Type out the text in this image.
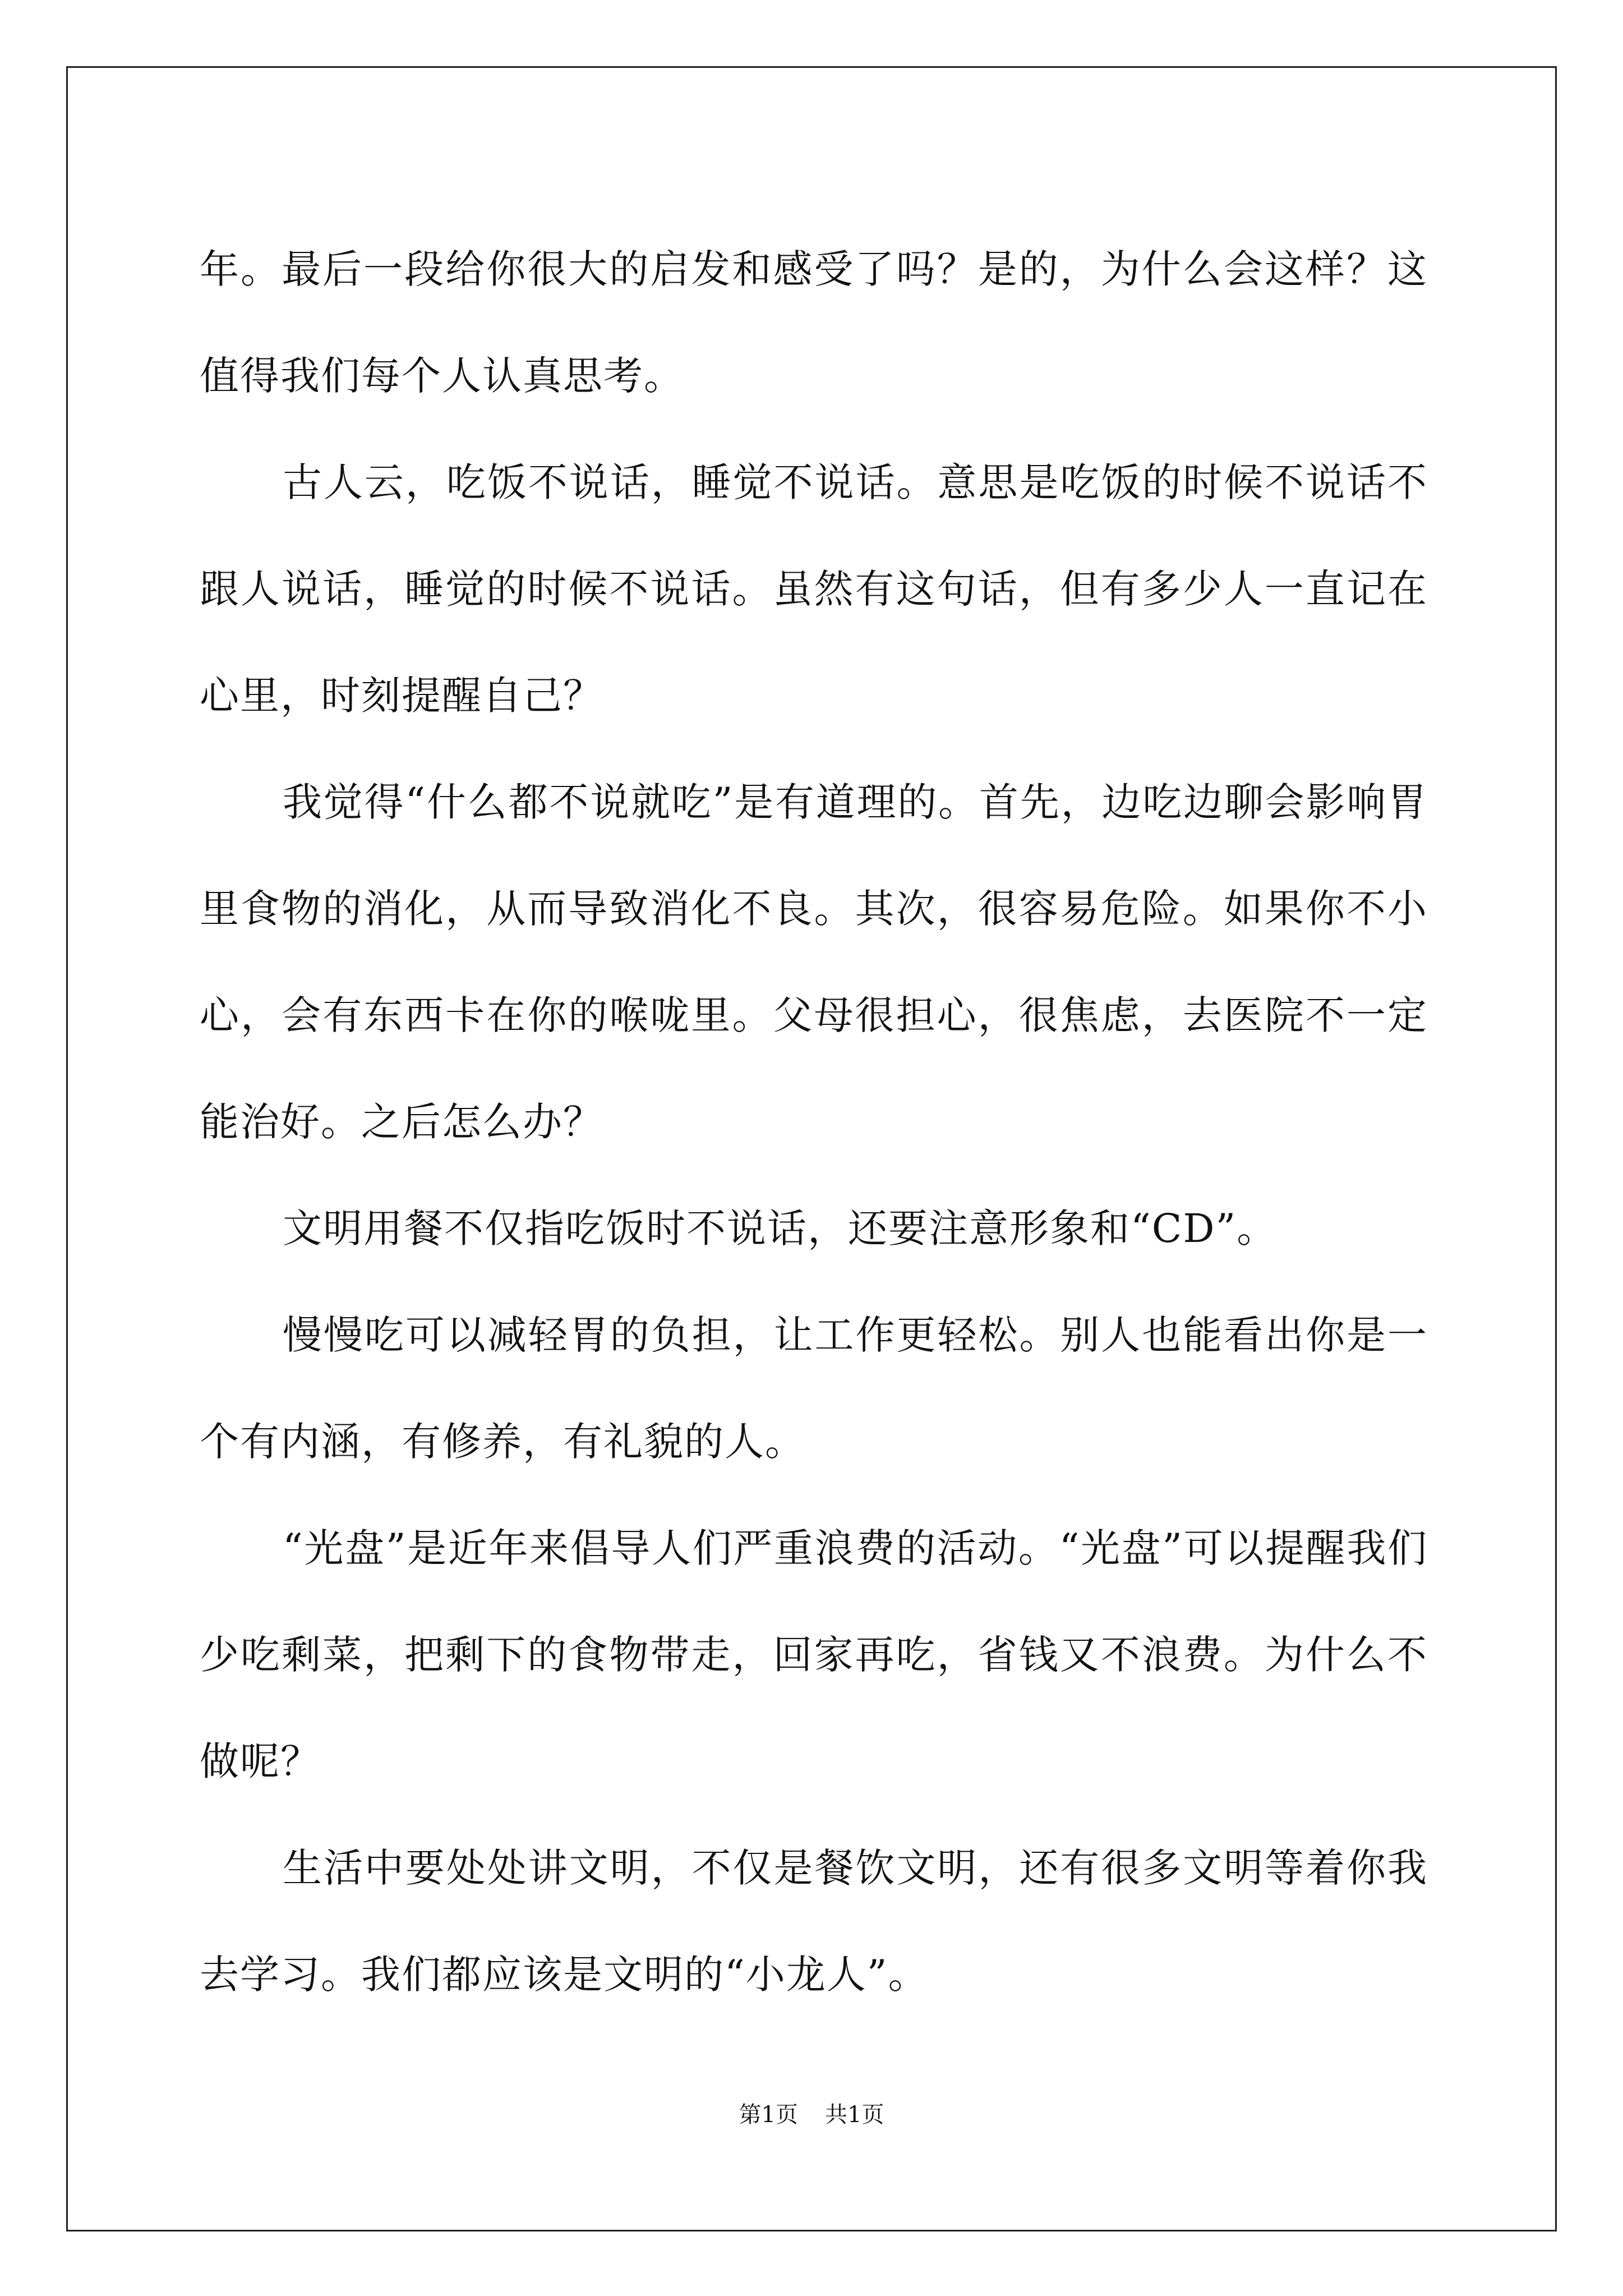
年。最后一段给你很大的启发和感受了吗？是的，为什么会这样？这值得我们每个人认真思考。

古人云，吃饭不说话，睡觉不说话。意思是吃饭的时候不说话不跟人说话，睡觉的时候不说话。虽然有这句话，但有多少人一直记在心里，时刻提醒自己？

我觉得“什么都不说就吃”是有道理的。首先，边吃边聊会影响胃里食物的消化，从而导致消化不良。其次，很容易危险。如果你不小心，会有东西卡在你的喉咙里。父母很担心，很焦虑，去医院不一定能治好。之后怎么办？

文明用餐不仅指吃饭时不说话，还要注意形象和“CD”。

慢慢吃可以减轻胃的负担，让工作更轻松。别人也能看出你是一个有内涵，有修养，有礼貌的人。

“光盘”是近年来倡导人们严重浪费的活动。“光盘”可以提醒我们少吃剩菜，把剩下的食物带走，回家再吃，省钱又不浪费。为什么不做呢？

生活中要处处讲文明，不仅是餐饮文明，还有很多文明等着你我去学习。我们都应该是文明的“小龙人”。

第1页 共1页
